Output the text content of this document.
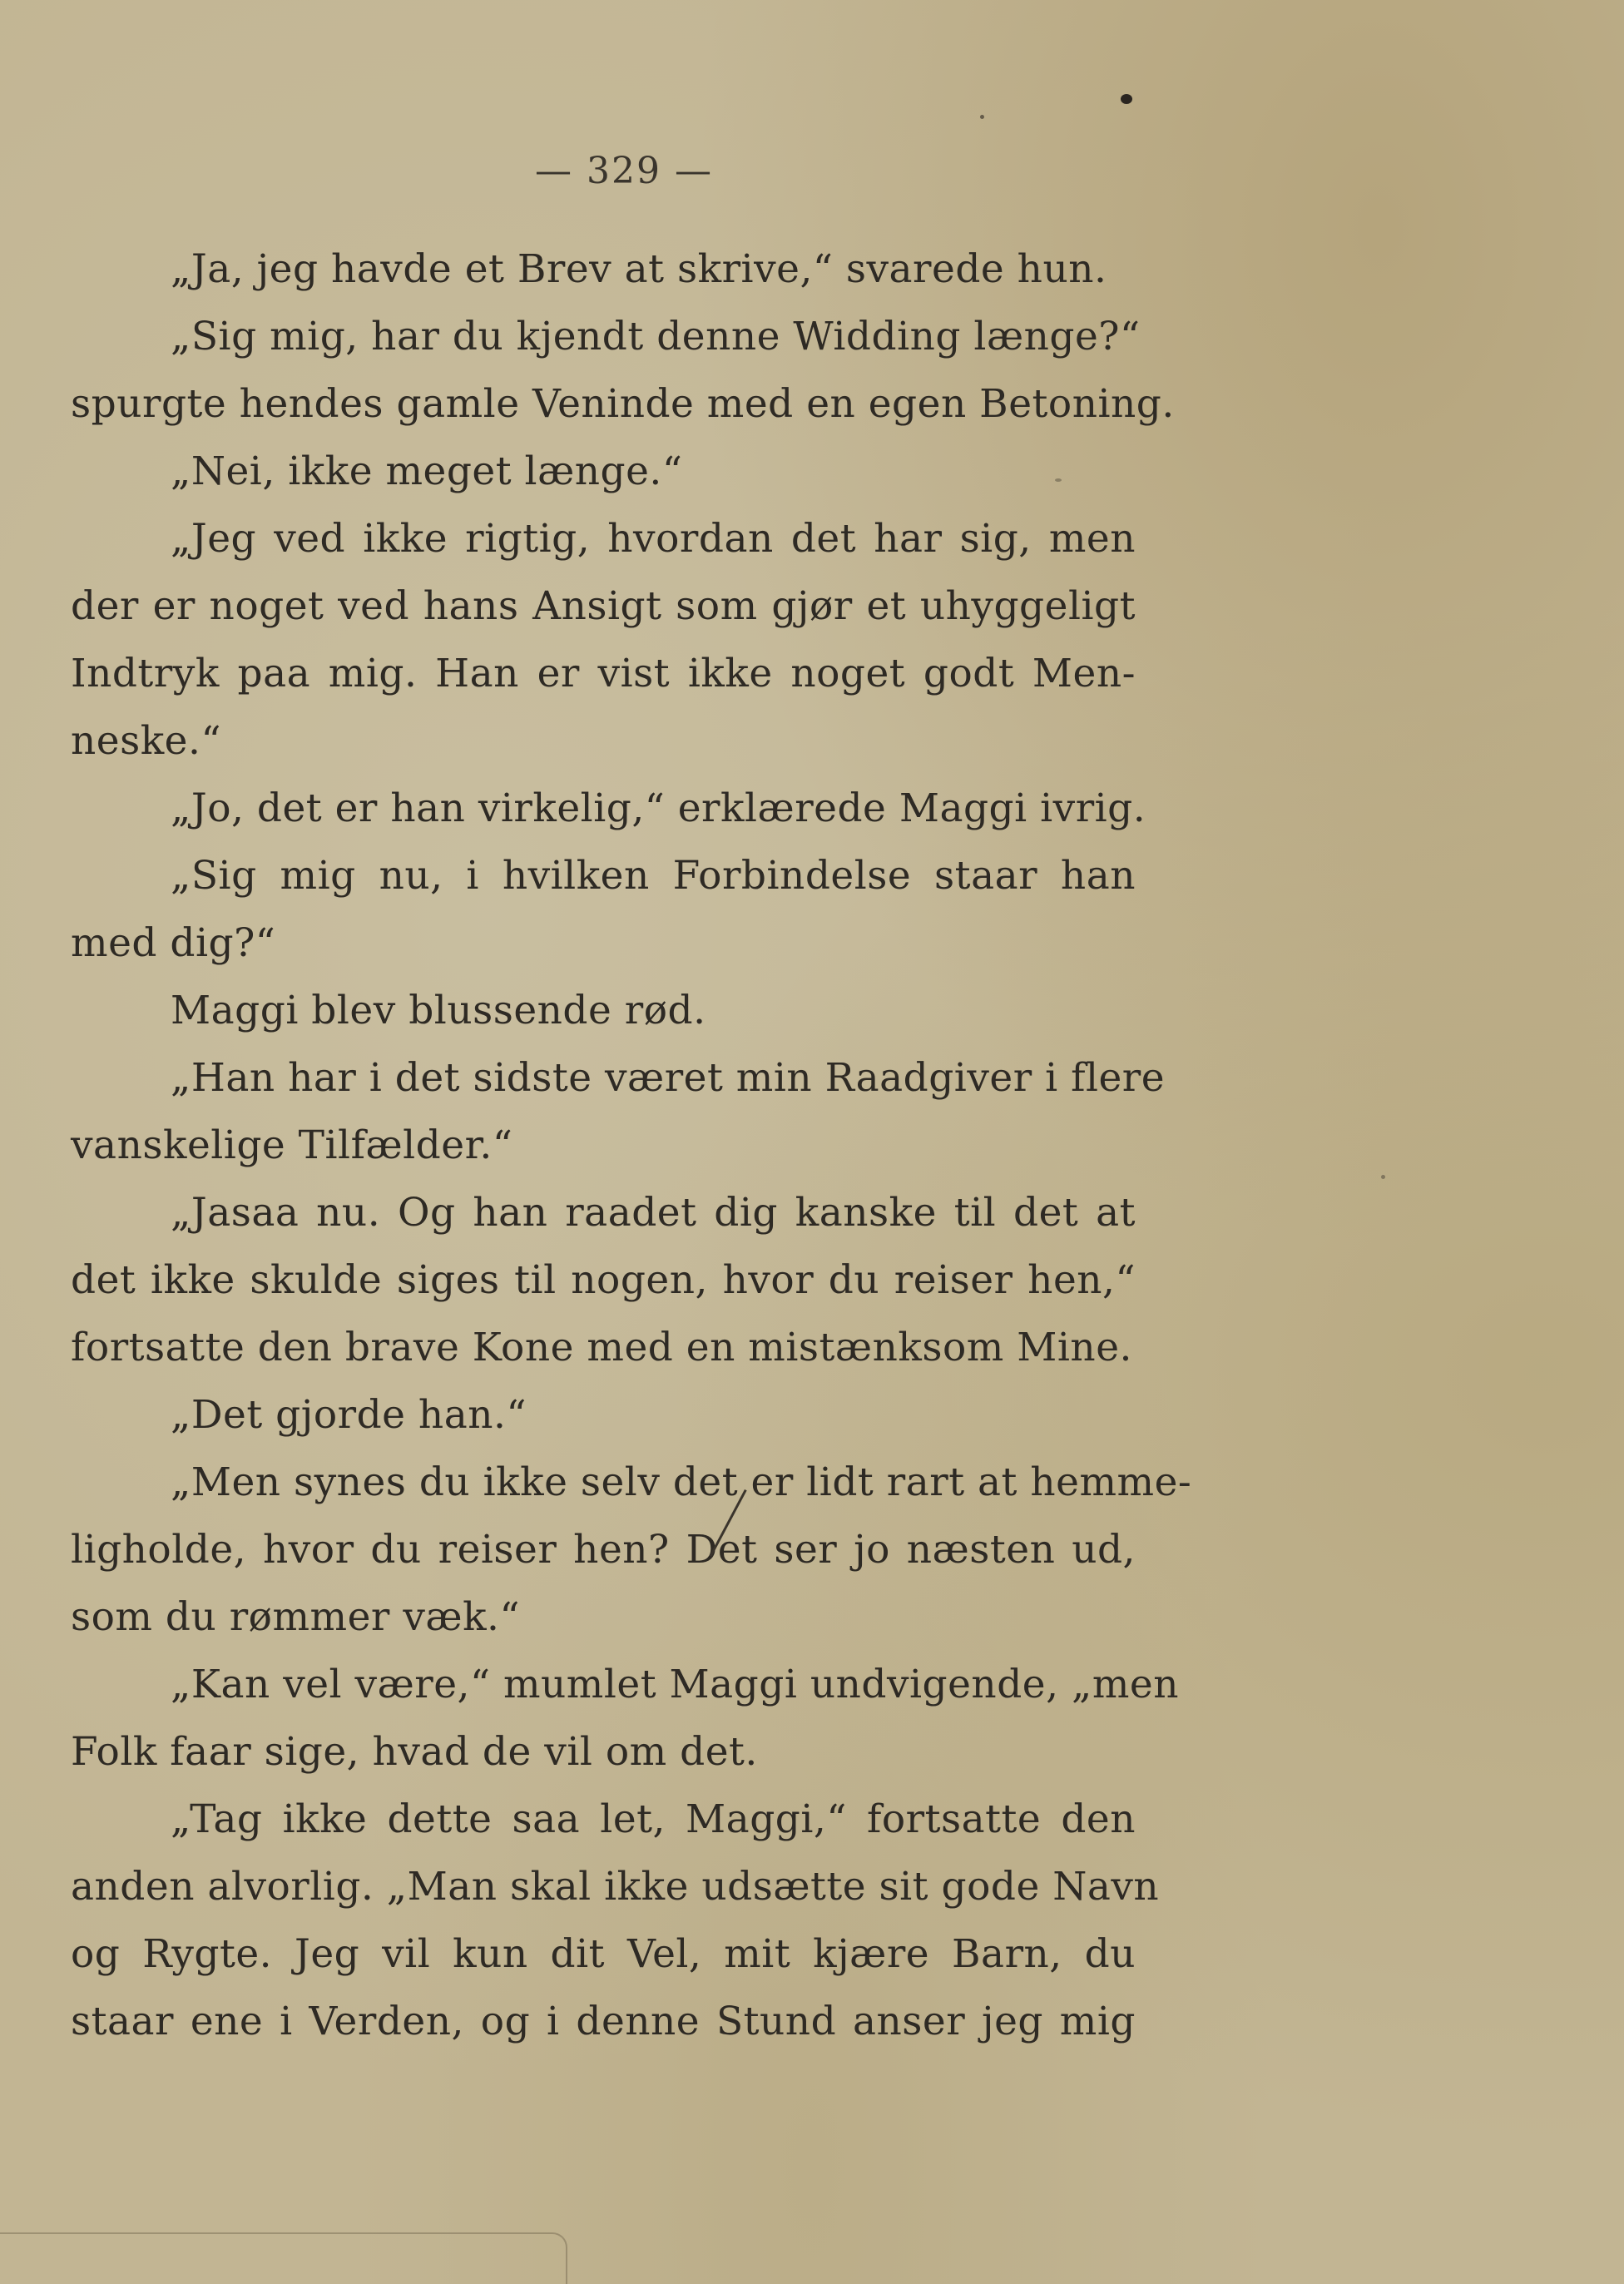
— 329 —
„Ja, jeg havde et Brev at skrive,“ svarede hun.
„Sig mig, har du kjendt denne Widding længe?“
spurgte hendes gamle Veninde med en egen Betoning.
„Nei, ikke meget længe.“
„Jeg ved ikke rigtig, hvordan det har sig, men
der er noget ved hans Ansigt som gjør et uhyggeligt
Indtryk paa mig. Han er vist ikke noget godt Men-
neske.“
„Jo, det er han virkelig,“ erklærede Maggi ivrig.
„Sig mig nu, i hvilken Forbindelse staar han
med dig?“
Maggi blev blussende rød.
„Han har i det sidste været min Raadgiver i flere
vanskelige Tilfælder.“
„Jasaa nu. Og han raadet dig kanske til det at
det ikke skulde siges til nogen, hvor du reiser hen,“
fortsatte den brave Kone med en mistænksom Mine.
„Det gjorde han.“
„Men synes du ikke selv det er lidt rart at hemme-
ligholde, hvor du reiser hen? Det ser jo næsten ud,
som du rømmer væk.“
„Kan vel være,“ mumlet Maggi undvigende, „men
Folk faar sige, hvad de vil om det.
„Tag ikke dette saa let, Maggi,“ fortsatte den
anden alvorlig. „Man skal ikke udsætte sit gode Navn
og Rygte. Jeg vil kun dit Vel, mit kjære Barn, du
staar ene i Verden, og i denne Stund anser jeg mig
